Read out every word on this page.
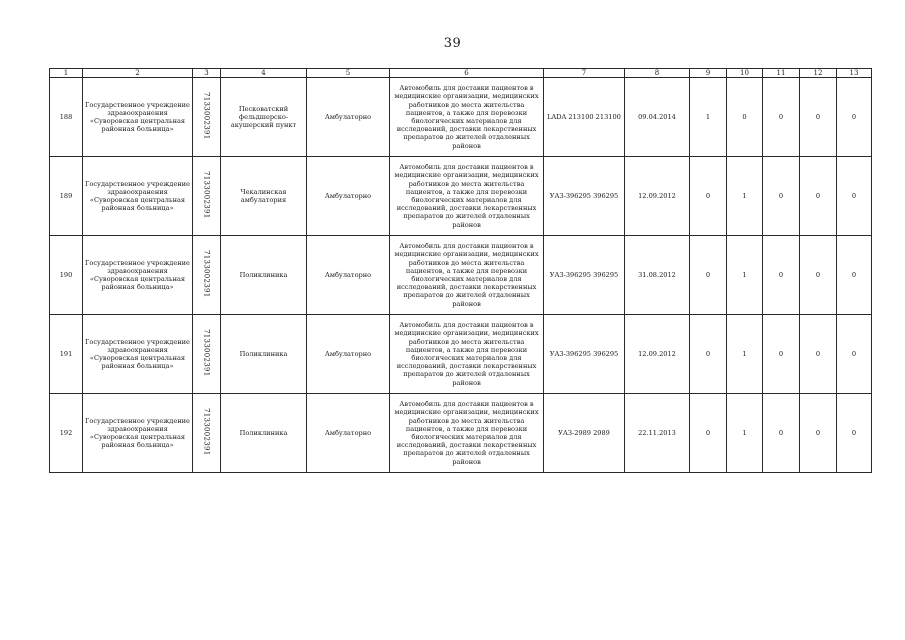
39
1	2	3	4	5	6	7	8	9	10	11	12	13
188	Государственное учреждение здравоохранения «Суворовская центральная районная больница»	7133002391	Песковатский фельдшерско-акушерский пункт	Амбулаторно	Автомобиль для доставки пациентов в медицинские организации, медицинских работников до места жительства пациентов, а также для перевозки биологических материалов для исследований, доставки лекарственных препаратов до жителей отдаленных районов	LADA 213100 213100	09.04.2014	1	0	0	0	0
189	Государственное учреждение здравоохранения «Суворовская центральная районная больница»	7133002391	Чекалинская амбулатория	Амбулаторно	Автомобиль для доставки пациентов в медицинские организации, медицинских работников до места жительства пациентов, а также для перевозки биологических материалов для исследований, доставки лекарственных препаратов до жителей отдаленных районов	УАЗ-396295 396295	12.09.2012	0	1	0	0	0
190	Государственное учреждение здравоохранения «Суворовская центральная районная больница»	7133002391	Поликлиника	Амбулаторно	Автомобиль для доставки пациентов в медицинские организации, медицинских работников до места жительства пациентов, а также для перевозки биологических материалов для исследований, доставки лекарственных препаратов до жителей отдаленных районов	УАЗ-396295 396295	31.08.2012	0	1	0	0	0
191	Государственное учреждение здравоохранения «Суворовская центральная районная больница»	7133002391	Поликлиника	Амбулаторно	Автомобиль для доставки пациентов в медицинские организации, медицинских работников до места жительства пациентов, а также для перевозки биологических материалов для исследований, доставки лекарственных препаратов до жителей отдаленных районов	УАЗ-396295 396295	12.09.2012	0	1	0	0	0
192	Государственное учреждение здравоохранения «Суворовская центральная районная больница»	7133002391	Поликлиника	Амбулаторно	Автомобиль для доставки пациентов в медицинские организации, медицинских работников до места жительства пациентов, а также для перевозки биологических материалов для исследований, доставки лекарственных препаратов до жителей отдаленных районов	УАЗ-2989 2989	22.11.2013	0	1	0	0	0
